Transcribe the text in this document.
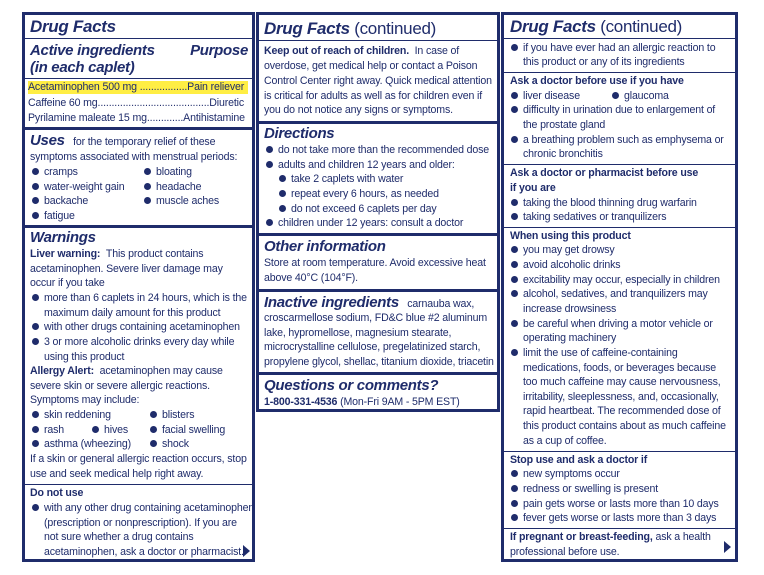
Drug Facts
Active ingredients Purpose
(in each caplet)
Acetaminophen 500 mg .................Pain reliever
Caffeine 60 mg........................................Diuretic
Pyrilamine maleate 15 mg.............Antihistamine
Uses for the temporary relief of these
symptoms associated with menstrual periods:
cramps
water-weight gain
backache
fatigue
bloating
headache
muscle aches
Warnings
Liver warning: This product contains
acetaminophen. Severe liver damage may
occur if you take
more than 6 caplets in 24 hours, which is the
maximum daily amount for this product
with other drugs containing acetaminophen
3 or more alcoholic drinks every day while
using this product
Allergy Alert: acetaminophen may cause
severe skin or severe allergic reactions.
Symptoms may include:
skin reddening
rash
asthma (wheezing)
hives
blisters
facial swelling
shock
If a skin or general allergic reaction occurs, stop
use and seek medical help right away.
Do not use
with any other drug containing acetaminophen
(prescription or nonprescription). If you are
not sure whether a drug contains
acetaminophen, ask a doctor or pharmacist.
Drug Facts (continued)
Keep out of reach of children. In case of
overdose, get medical help or contact a Poison
Control Center right away. Quick medical attention
is critical for adults as well as for children even if
you do not notice any signs or symptoms.
Directions
do not take more than the recommended dose
adults and children 12 years and older:
take 2 caplets with water
repeat every 6 hours, as needed
do not exceed 6 caplets per day
children under 12 years: consult a doctor
Other information
Store at room temperature. Avoid excessive heat
above 40°C (104°F).
Inactive ingredients carnauba wax,
croscarmellose sodium, FD&C blue #2 aluminum
lake, hypromellose, magnesium stearate,
microcrystalline cellulose, pregelatinized starch,
propylene glycol, shellac, titanium dioxide, triacetin
Questions or comments?
1-800-331-4536 (Mon-Fri 9AM - 5PM EST)
Drug Facts (continued)
if you have ever had an allergic reaction to
this product or any of its ingredients
Ask a doctor before use if you have
liver disease	glaucoma
difficulty in urination due to enlargement of
the prostate gland
a breathing problem such as emphysema or
chronic bronchitis
Ask a doctor or pharmacist before use
if you are
taking the blood thinning drug warfarin
taking sedatives or tranquilizers
When using this product
you may get drowsy
avoid alcoholic drinks
excitability may occur, especially in children
alcohol, sedatives, and tranquilizers may
increase drowsiness
be careful when driving a motor vehicle or
operating machinery
limit the use of caffeine-containing
medications, foods, or beverages because
too much caffeine may cause nervousness,
irritability, sleeplessness, and, occasionally,
rapid heartbeat. The recommended dose of
this product contains about as much caffeine
as a cup of coffee.
Stop use and ask a doctor if
new symptoms occur
redness or swelling is present
pain gets worse or lasts more than 10 days
fever gets worse or lasts more than 3 days
If pregnant or breast-feeding, ask a health
professional before use.
